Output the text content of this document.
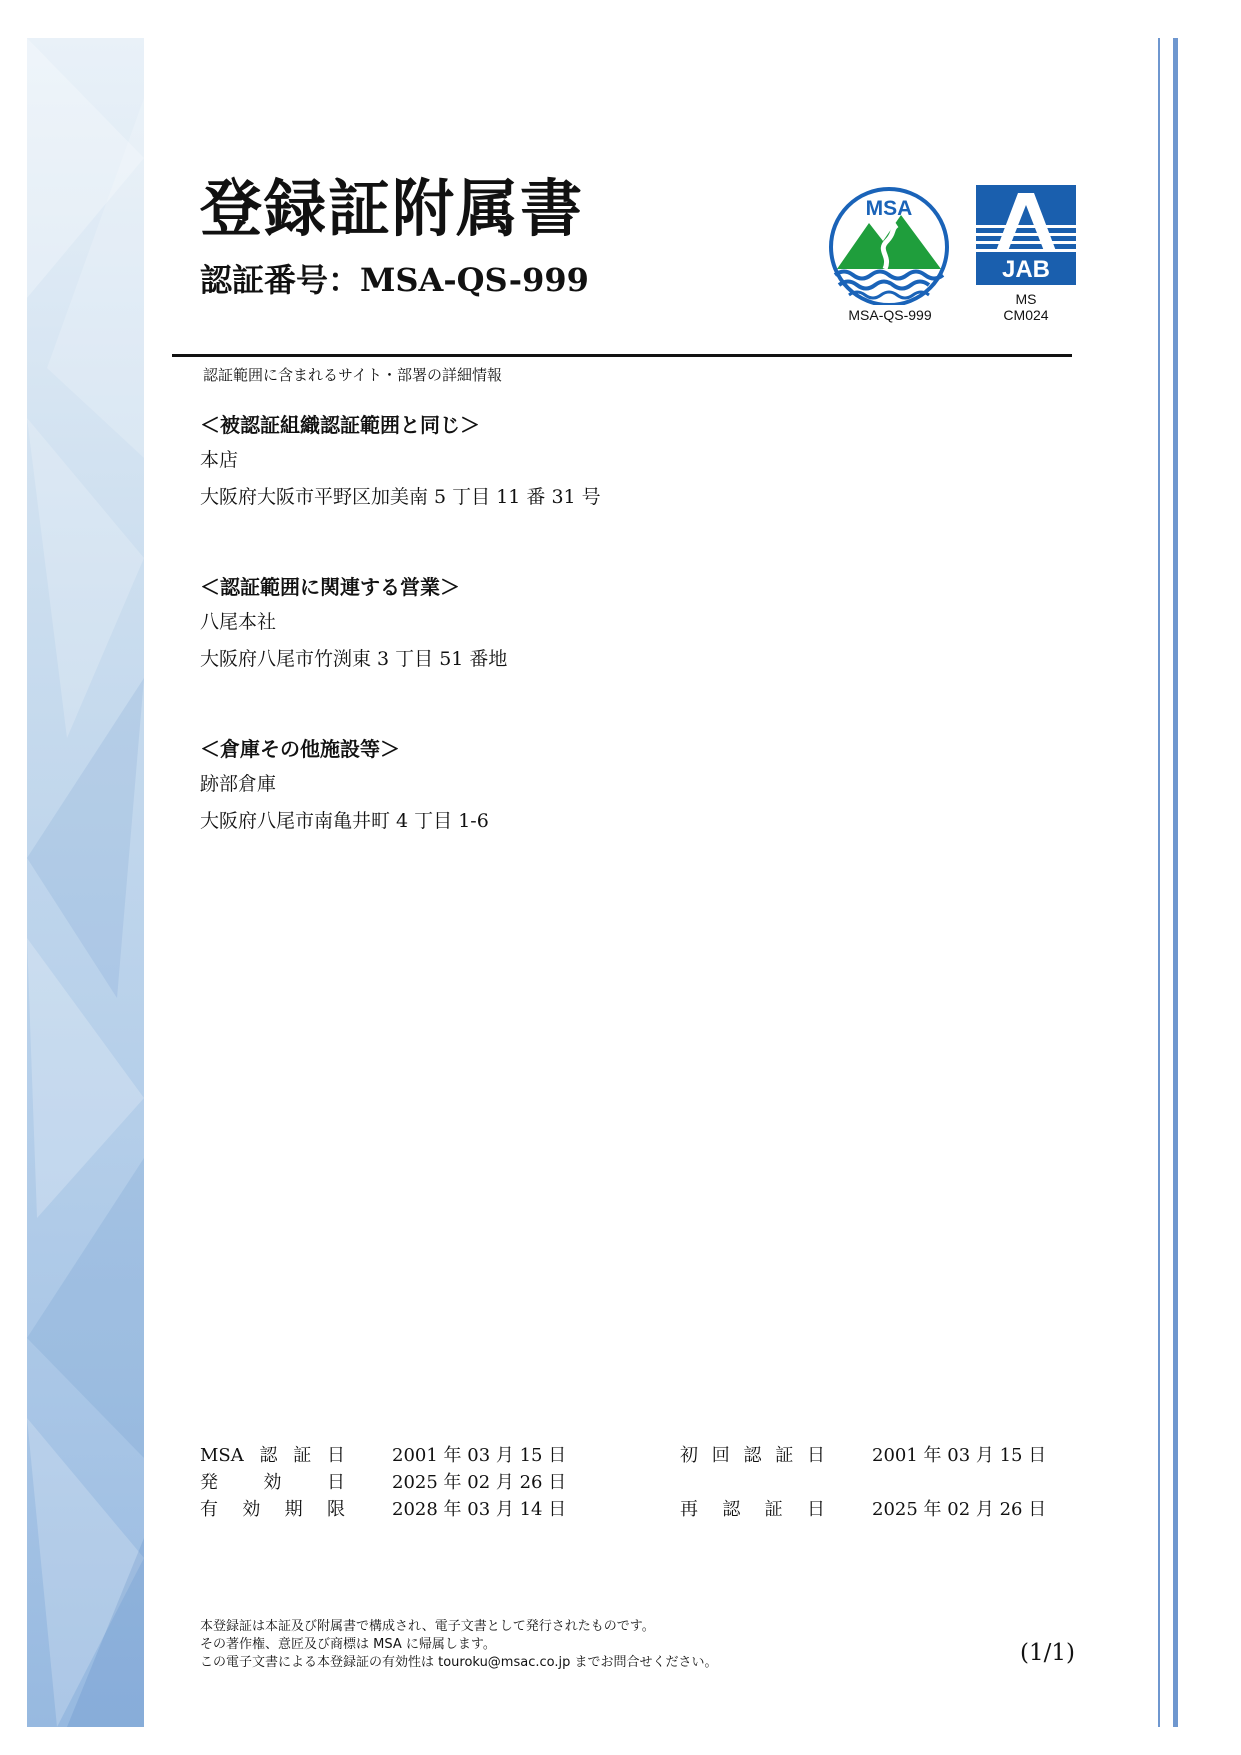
登録証附属書
認証番号：MSA-QS-999
MSA
MSA-QS-999
JAB
MS
CM024
認証範囲に含まれるサイト・部署の詳細情報
＜被認証組織認証範囲と同じ＞
本店
大阪府大阪市平野区加美南 5 丁目 11 番 31 号
＜認証範囲に関連する営業＞
八尾本社
大阪府八尾市竹渕東 3 丁目 51 番地
＜倉庫その他施設等＞
跡部倉庫
大阪府八尾市南亀井町 4 丁目 1-6
MSA認証日	2001 年 03 月 15 日	初回認証日	2001 年 03 月 15 日
発効日	2025 年 02 月 26 日
有効期限	2028 年 03 月 14 日	再認証日	2025 年 02 月 26 日
本登録証は本証及び附属書で構成され、電子文書として発行されたものです。
その著作権、意匠及び商標は MSA に帰属します。
この電子文書による本登録証の有効性は touroku@msac.co.jp までお問合せください。	(1/1)
